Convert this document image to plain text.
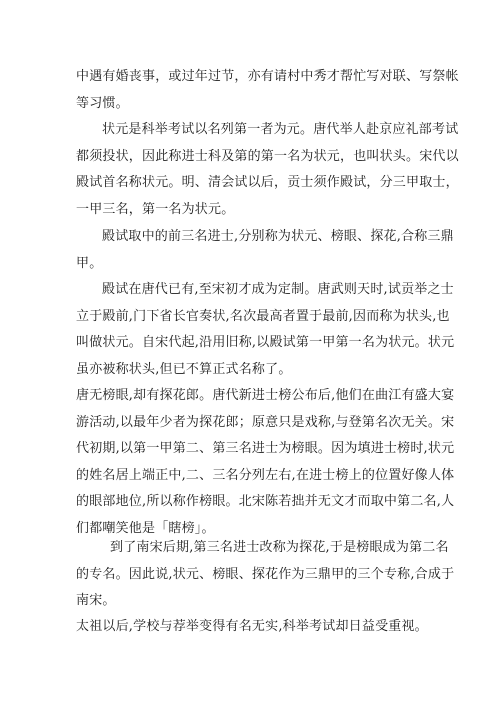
中遇有婚丧事，或过年过节，亦有请村中秀才帮忙写对联、写祭帐
等习惯。

状元是科举考试以名列第一者为元。唐代举人赴京应礼部考试
都须投状，因此称进士科及第的第一名为状元，也叫状头。宋代以
殿试首名称状元。明、清会试以后，贡士须作殿试，分三甲取士，
一甲三名，第一名为状元。

殿试取中的前三名进士,分别称为状元、榜眼、探花,合称三鼎
甲。

殿试在唐代已有,至宋初才成为定制。唐武则天时,试贡举之士
立于殿前,门下省长官奏状,名次最高者置于最前,因而称为状头,也
叫做状元。自宋代起,沿用旧称,以殿试第一甲第一名为状元。状元
虽亦被称状头,但已不算正式名称了。
唐无榜眼,却有探花郎。唐代新进士榜公布后,他们在曲江有盛大宴
游活动,以最年少者为探花郎；原意只是戏称,与登第名次无关。宋
代初期,以第一甲第二、第三名进士为榜眼。因为填进士榜时,状元
的姓名居上端正中,二、三名分列左右,在进士榜上的位置好像人体
的眼部地位,所以称作榜眼。北宋陈若拙并无文才而取中第二名,人
们都嘲笑他是「瞎榜」。

到了南宋后期,第三名进士改称为探花,于是榜眼成为第二名
的专名。因此说,状元、榜眼、探花作为三鼎甲的三个专称,合成于
南宋。

太祖以后,学校与荐举变得有名无实,科举考试却日益受重视。
